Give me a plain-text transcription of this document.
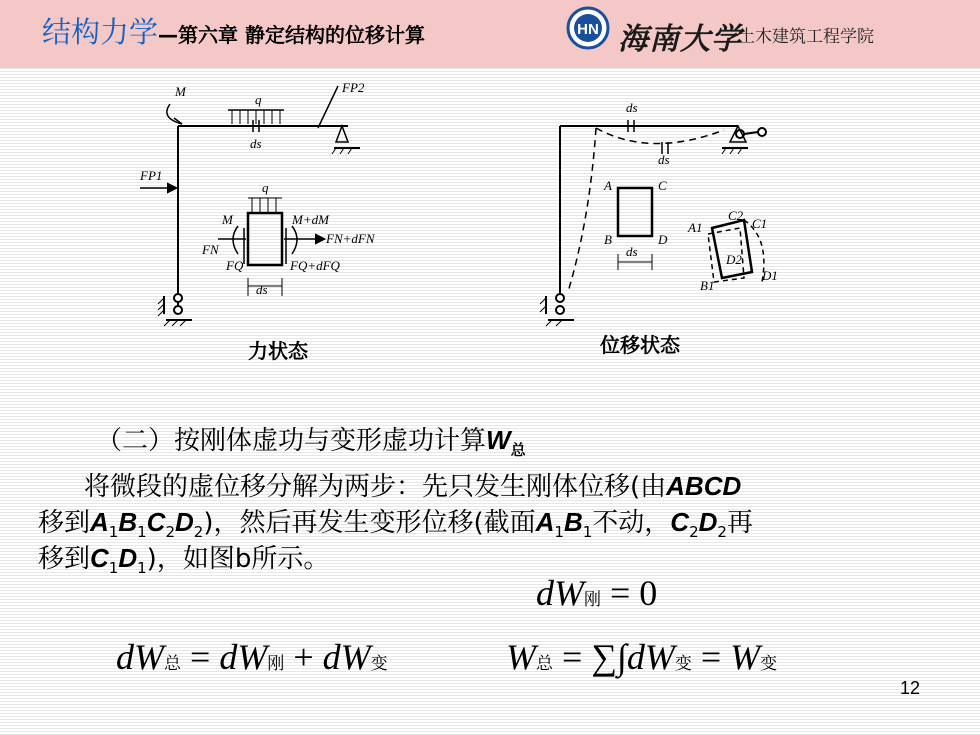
结构力学—第六章 静定结构的位移计算	HN 海南大学
土木建筑工程学院
M
q
FP2
ds
FP1
q
M	M+dM
FN
FN+dFN
FQ	FQ+dFQ
ds
力状态
ds
ds
A	C
B	D
ds
A1
C2
C1
D2
B1
D1
位移状态
（二）按刚体虚功与变形虚功计算$W_总$
将微段的虚位移分解为两步：先只发生刚体位移(由ABCD
移到$A_1B_1C_2D_2$)，然后再发生变形位移(截面$A_1B_1$不动，$C_2D_2$再
移到$C_1D_1$)，如图b所示。
dW刚 = 0
dW总 = dW刚 + dW变	W总 = ∑∫dW变 = W变
12
